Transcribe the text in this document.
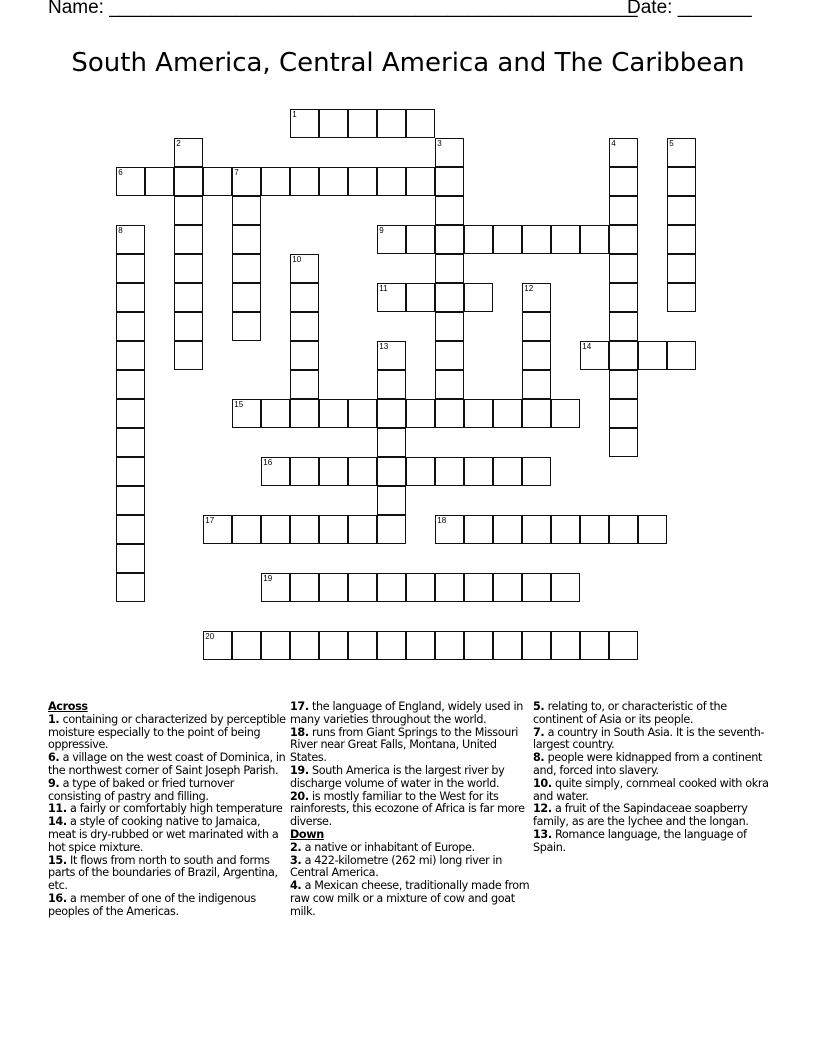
Name: __________________________________________________
Date: _______
South America, Central America and The Caribbean
1
2	3	4	5
6	7
8	9
10
11	12
13	14
15
16
17	18
19
20
Across
1. containing or characterized by perceptible moisture especially to the point of being oppressive.
6. a village on the west coast of Dominica, in the northwest corner of Saint Joseph Parish.
9. a type of baked or fried turnover consisting of pastry and filling.
11. a fairly or comfortably high temperature
14. a style of cooking native to Jamaica, meat is dry-rubbed or wet marinated with a hot spice mixture.
15. It flows from north to south and forms parts of the boundaries of Brazil, Argentina, etc.
16. a member of one of the indigenous peoples of the Americas.
17. the language of England, widely used in many varieties throughout the world.
18. runs from Giant Springs to the Missouri River near Great Falls, Montana, United States.
19. South America is the largest river by discharge volume of water in the world.
20. is mostly familiar to the West for its rainforests, this ecozone of Africa is far more diverse.
Down
2. a native or inhabitant of Europe.
3. a 422-kilometre (262 mi) long river in Central America.
4. a Mexican cheese, traditionally made from raw cow milk or a mixture of cow and goat milk.
5. relating to, or characteristic of the continent of Asia or its people.
7. a country in South Asia. It is the seventh-largest country.
8. people were kidnapped from a continent and, forced into slavery.
10. quite simply, cornmeal cooked with okra and water.
12. a fruit of the Sapindaceae soapberry family, as are the lychee and the longan.
13. Romance language, the language of Spain.
